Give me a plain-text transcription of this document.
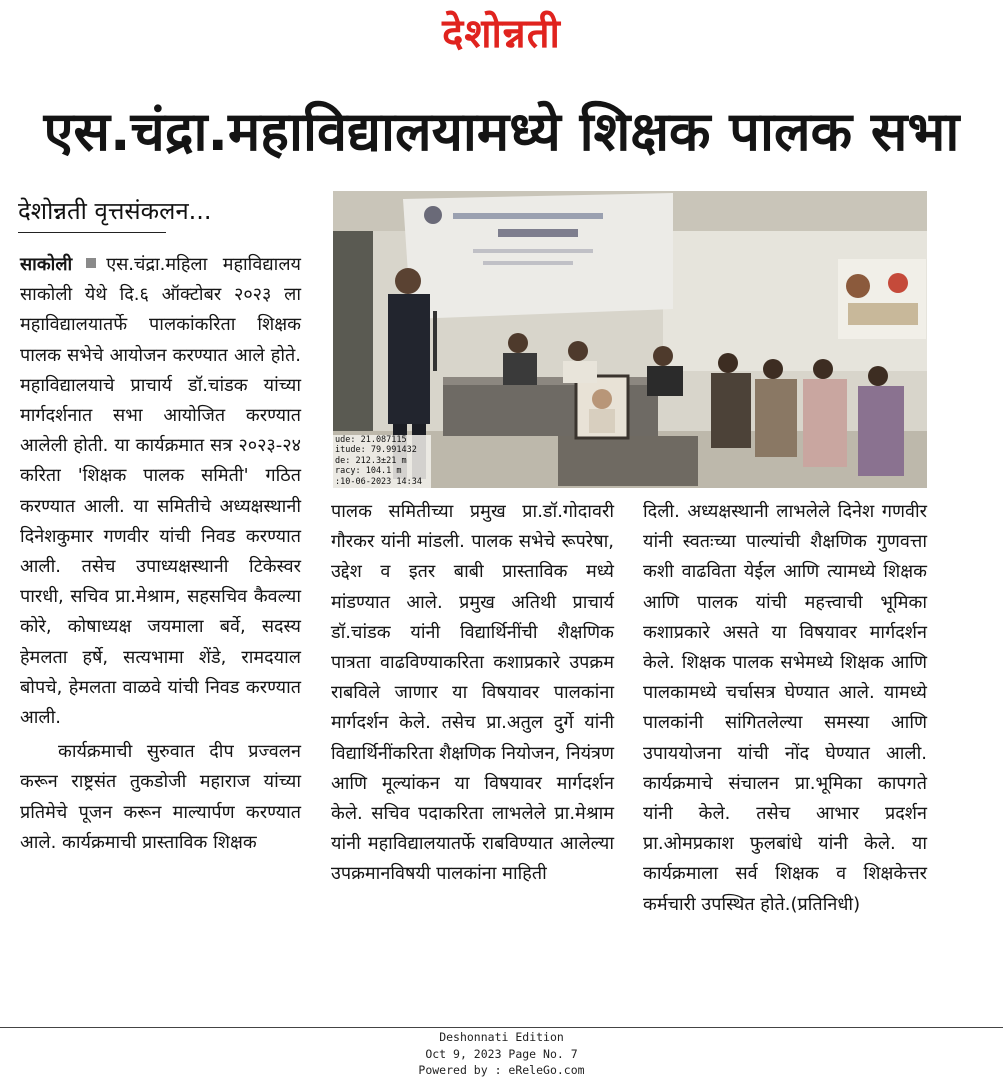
देशोन्नती
एस.चंद्रा.महाविद्यालयामध्ये शिक्षक पालक सभा
देशोन्नती वृत्तसंकलन...

साकोली एस.चंद्रा.महिला महाविद्यालय साकोली येथे दि.६ ऑक्टोबर २०२३ ला महाविद्यालयातर्फे पालकांकरिता शिक्षक पालक सभेचे आयोजन करण्यात आले होते. महाविद्यालयाचे प्राचार्य डॉ.चांडक यांच्या मार्गदर्शनात सभा आयोजित करण्यात आलेली होती. या कार्यक्रमात सत्र २०२३-२४ करिता 'शिक्षक पालक समिती' गठित करण्यात आली. या समितीचे अध्यक्षस्थानी दिनेशकुमार गणवीर यांची निवड करण्यात आली. तसेच उपाध्यक्षस्थानी टिकेस्वर पारधी, सचिव प्रा.मेश्राम, सहसचिव कैवल्या कोरे, कोषाध्यक्ष जयमाला बर्वे, सदस्य हेमलता हर्षे, सत्यभामा शेंडे, रामदयाल बोपचे, हेमलता वाळवे यांची निवड करण्यात आली.

कार्यक्रमाची सुरुवात दीप प्रज्वलन करून राष्ट्रसंत तुकडोजी महाराज यांच्या प्रतिमेचे पूजन करून माल्यार्पण करण्यात आले. कार्यक्रमाची प्रास्ताविक शिक्षक

ude: 21.087115
itude: 79.991432
de: 212.3±21 m
racy: 104.1 m
:10-06-2023 14:34

पालक समितीच्या प्रमुख प्रा.डॉ.गोदावरी गौरकर यांनी मांडली. पालक सभेचे रूपरेषा, उद्देश व इतर बाबी प्रास्ताविक मध्ये मांडण्यात आले. प्रमुख अतिथी प्राचार्य डॉ.चांडक यांनी विद्यार्थिनींची शैक्षणिक पात्रता वाढविण्याकरिता कशाप्रकारे उपक्रम राबविले जाणार या विषयावर पालकांना मार्गदर्शन केले. तसेच प्रा.अतुल दुर्गे यांनी विद्यार्थिनींकरिता शैक्षणिक नियोजन, नियंत्रण आणि मूल्यांकन या विषयावर मार्गदर्शन केले. सचिव पदाकरिता लाभलेले प्रा.मेश्राम यांनी महाविद्यालयातर्फे राबविण्यात आलेल्या उपक्रमानविषयी पालकांना माहिती

दिली. अध्यक्षस्थानी लाभलेले दिनेश गणवीर यांनी स्वतःच्या पाल्यांची शैक्षणिक गुणवत्ता कशी वाढविता येईल आणि त्यामध्ये शिक्षक आणि पालक यांची महत्त्वाची भूमिका कशाप्रकारे असते या विषयावर मार्गदर्शन केले. शिक्षक पालक सभेमध्ये शिक्षक आणि पालकामध्ये चर्चासत्र घेण्यात आले. यामध्ये पालकांनी सांगितलेल्या समस्या आणि उपाययोजना यांची नोंद घेण्यात आली. कार्यक्रमाचे संचालन प्रा.भूमिका कापगते यांनी केले. तसेच आभार प्रदर्शन प्रा.ओमप्रकाश फुलबांधे यांनी केले. या कार्यक्रमाला सर्व शिक्षक व शिक्षकेत्तर कर्मचारी उपस्थित होते.(प्रतिनिधी)

Deshonnati Edition
Oct 9, 2023 Page No. 7
Powered by : eReleGo.com
